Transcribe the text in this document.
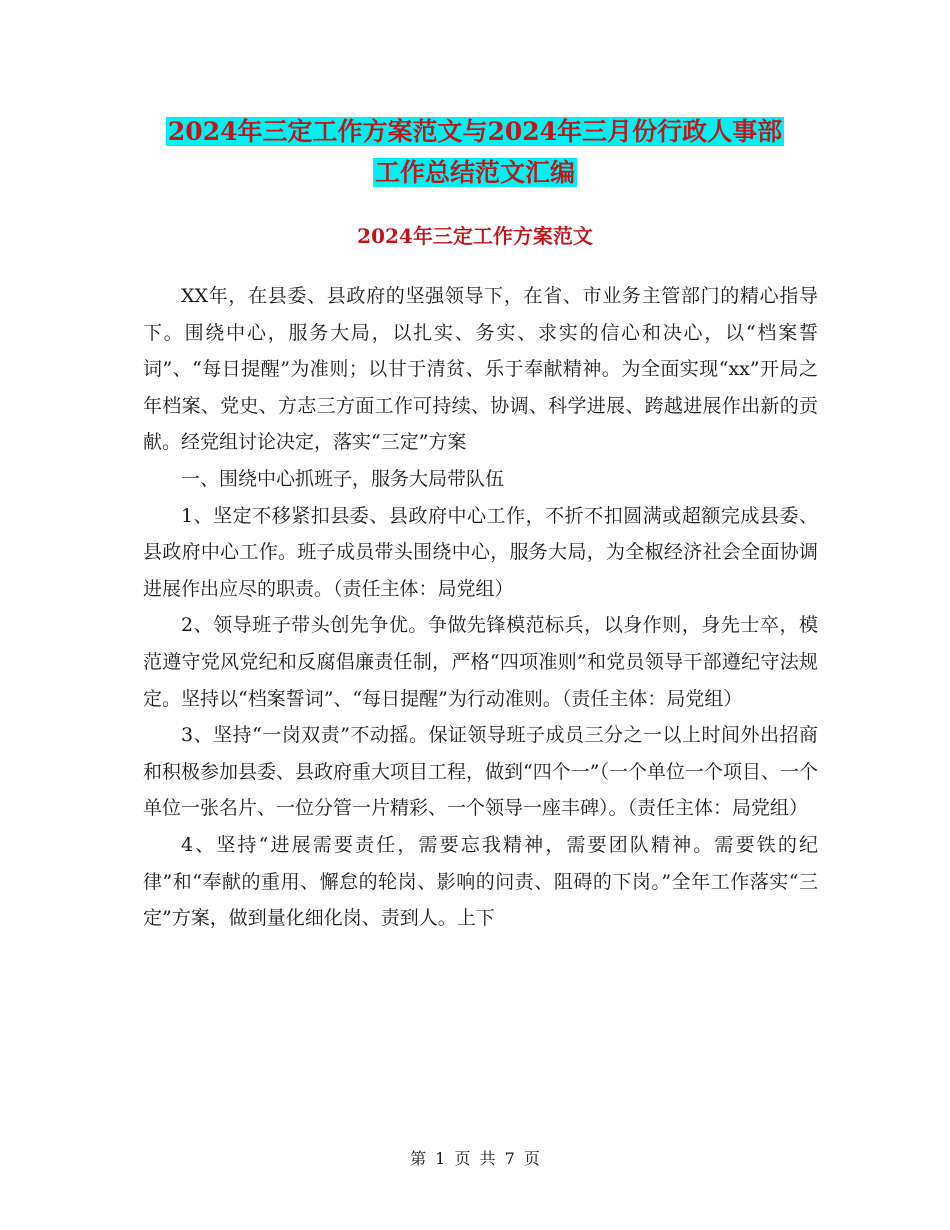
2024年三定工作方案范文与2024年三月份行政人事部
工作总结范文汇编
2024年三定工作方案范文

XX年，在县委、县政府的坚强领导下，在省、市业务主管部门的精心指导下。围绕中心，服务大局，以扎实、务实、求实的信心和决心，以“档案誓词”、“每日提醒”为准则；以甘于清贫、乐于奉献精神。为全面实现“xx”开局之年档案、党史、方志三方面工作可持续、协调、科学进展、跨越进展作出新的贡献。经党组讨论决定，落实“三定”方案

一、围绕中心抓班子，服务大局带队伍

1、坚定不移紧扣县委、县政府中心工作，不折不扣圆满或超额完成县委、县政府中心工作。班子成员带头围绕中心，服务大局，为全椒经济社会全面协调进展作出应尽的职责。（责任主体：局党组）

2、领导班子带头创先争优。争做先锋模范标兵，以身作则，身先士卒，模范遵守党风党纪和反腐倡廉责任制，严格“四项准则”和党员领导干部遵纪守法规定。坚持以“档案誓词”、“每日提醒”为行动准则。（责任主体：局党组）

3、坚持“一岗双责”不动摇。保证领导班子成员三分之一以上时间外出招商和积极参加县委、县政府重大项目工程，做到“四个一”（一个单位一个项目、一个单位一张名片、一位分管一片精彩、一个领导一座丰碑）。（责任主体：局党组）

4、坚持“进展需要责任，需要忘我精神，需要团队精神。需要铁的纪律”和“奉献的重用、懈怠的轮岗、影响的问责、阻碍的下岗。”全年工作落实“三定”方案，做到量化细化岗、责到人。上下

第 1 页 共 7 页
